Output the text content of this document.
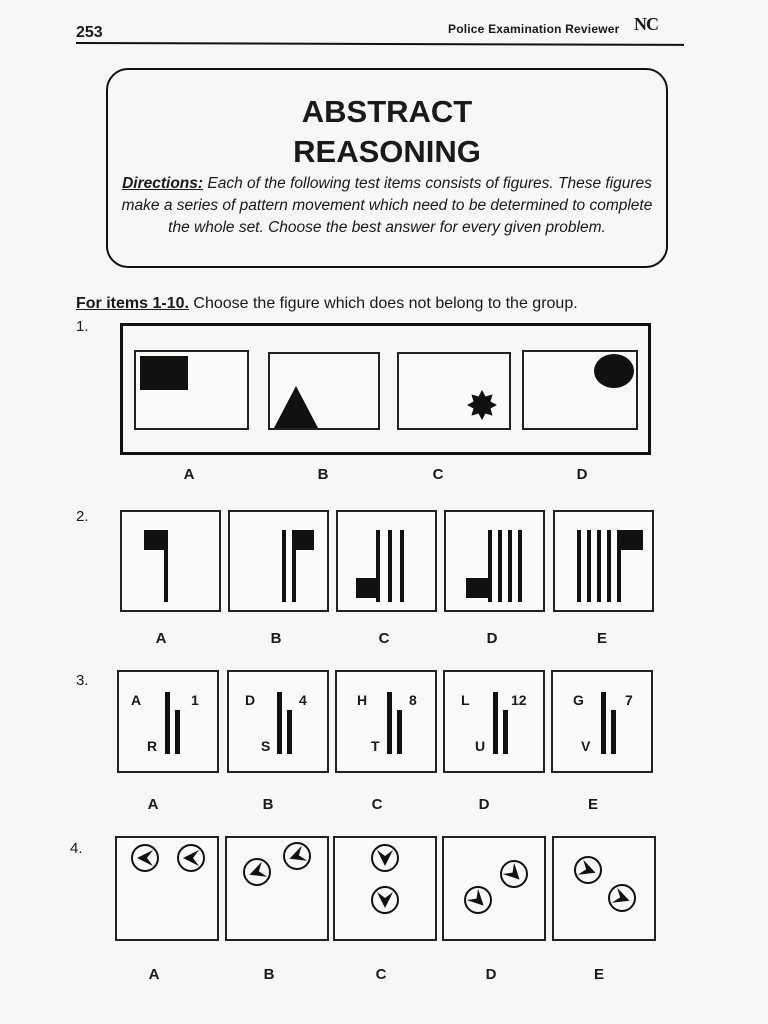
253	Police Examination Reviewer NC
ABSTRACT
REASONING
Directions: Each of the following test items consists of figures. These figures make a series of pattern movement which need to be determined to complete the whole set. Choose the best answer for every given problem.
For items 1-10. Choose the figure which does not belong to the group.
1.
A	B	C	D
2.
A	B	C	D	E
3.
A	1
R
D	4
S
H	8
T
L	12
U
G	7
V
A	B	C	D	E
4.
A	B	C	D	E
